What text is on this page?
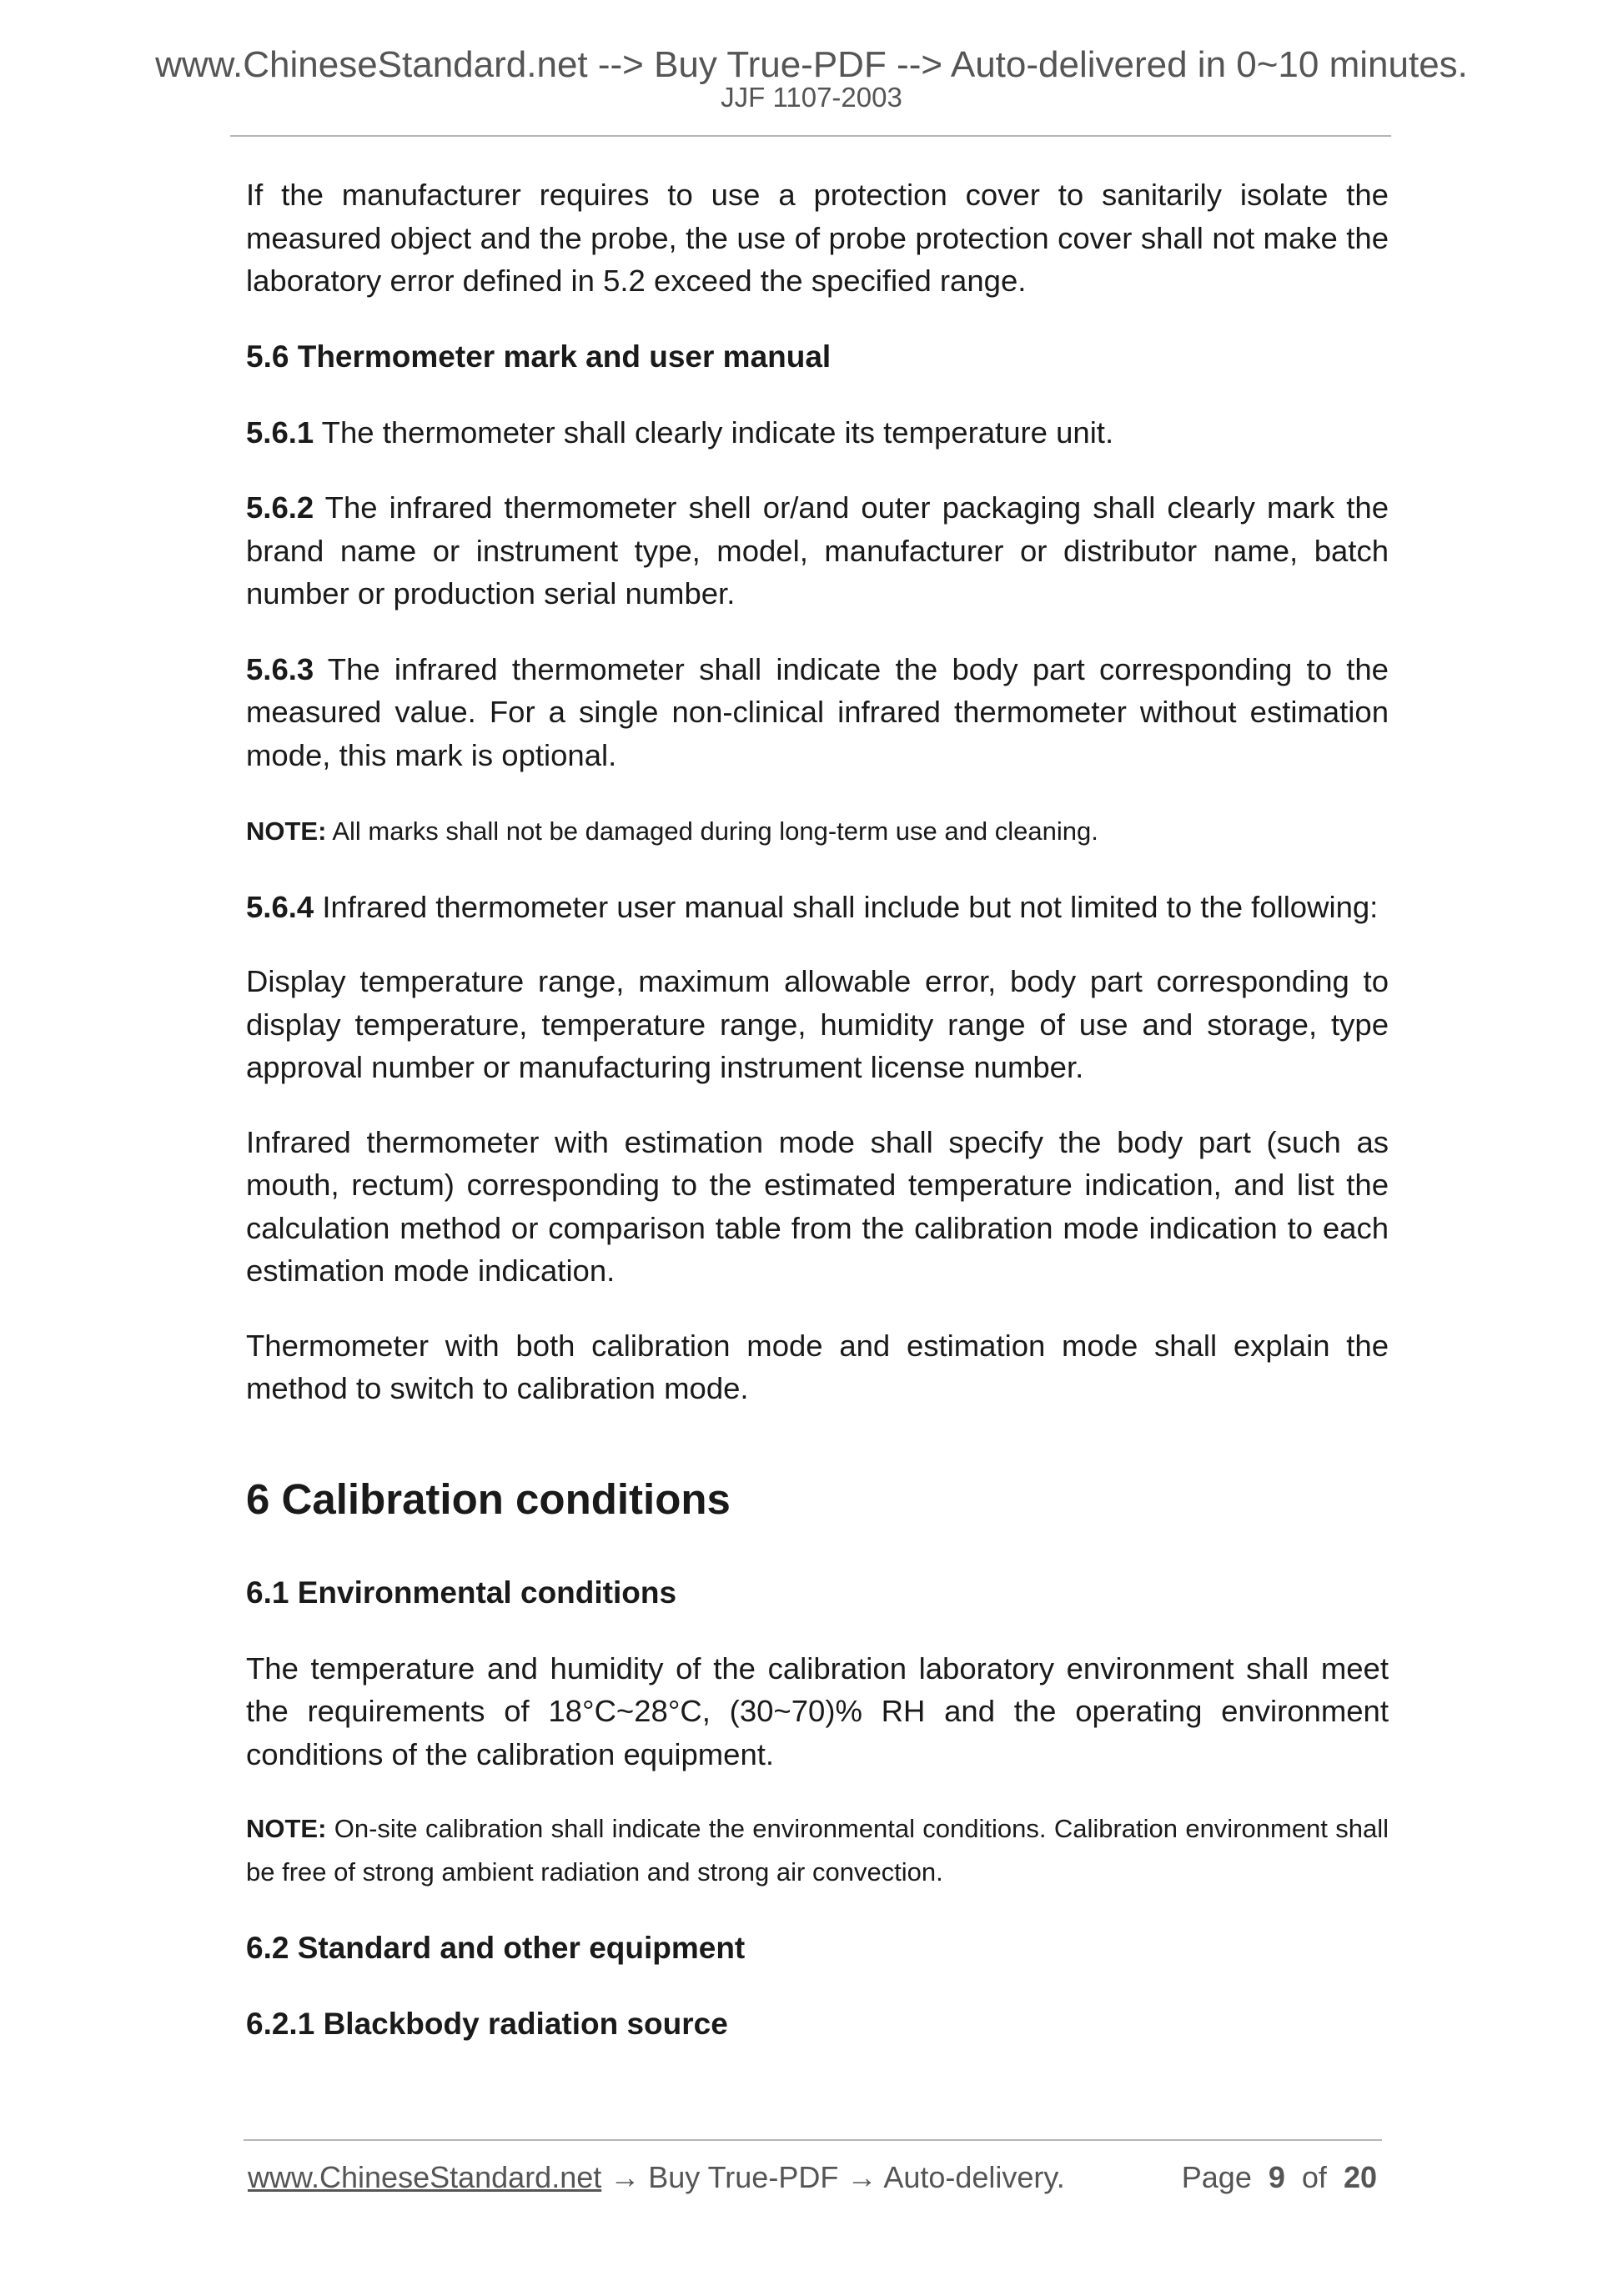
www.ChineseStandard.net --> Buy True-PDF --> Auto-delivered in 0~10 minutes.
JJF 1107-2003

If the manufacturer requires to use a protection cover to sanitarily isolate the measured object and the probe, the use of probe protection cover shall not make the laboratory error defined in 5.2 exceed the specified range.

5.6 Thermometer mark and user manual

5.6.1 The thermometer shall clearly indicate its temperature unit.

5.6.2 The infrared thermometer shell or/and outer packaging shall clearly mark the brand name or instrument type, model, manufacturer or distributor name, batch number or production serial number.

5.6.3 The infrared thermometer shall indicate the body part corresponding to the measured value. For a single non-clinical infrared thermometer without estimation mode, this mark is optional.

NOTE: All marks shall not be damaged during long-term use and cleaning.

5.6.4 Infrared thermometer user manual shall include but not limited to the following:

Display temperature range, maximum allowable error, body part corresponding to display temperature, temperature range, humidity range of use and storage, type approval number or manufacturing instrument license number.

Infrared thermometer with estimation mode shall specify the body part (such as mouth, rectum) corresponding to the estimated temperature indication, and list the calculation method or comparison table from the calibration mode indication to each estimation mode indication.

Thermometer with both calibration mode and estimation mode shall explain the method to switch to calibration mode.

6 Calibration conditions
6.1 Environmental conditions

The temperature and humidity of the calibration laboratory environment shall meet the requirements of 18°C~28°C, (30~70)% RH and the operating environment conditions of the calibration equipment.

NOTE: On-site calibration shall indicate the environmental conditions. Calibration environment shall be free of strong ambient radiation and strong air convection.

6.2 Standard and other equipment
6.2.1 Blackbody radiation source
www.ChineseStandard.net → Buy True-PDF → Auto-delivery.	Page 9 of 20
